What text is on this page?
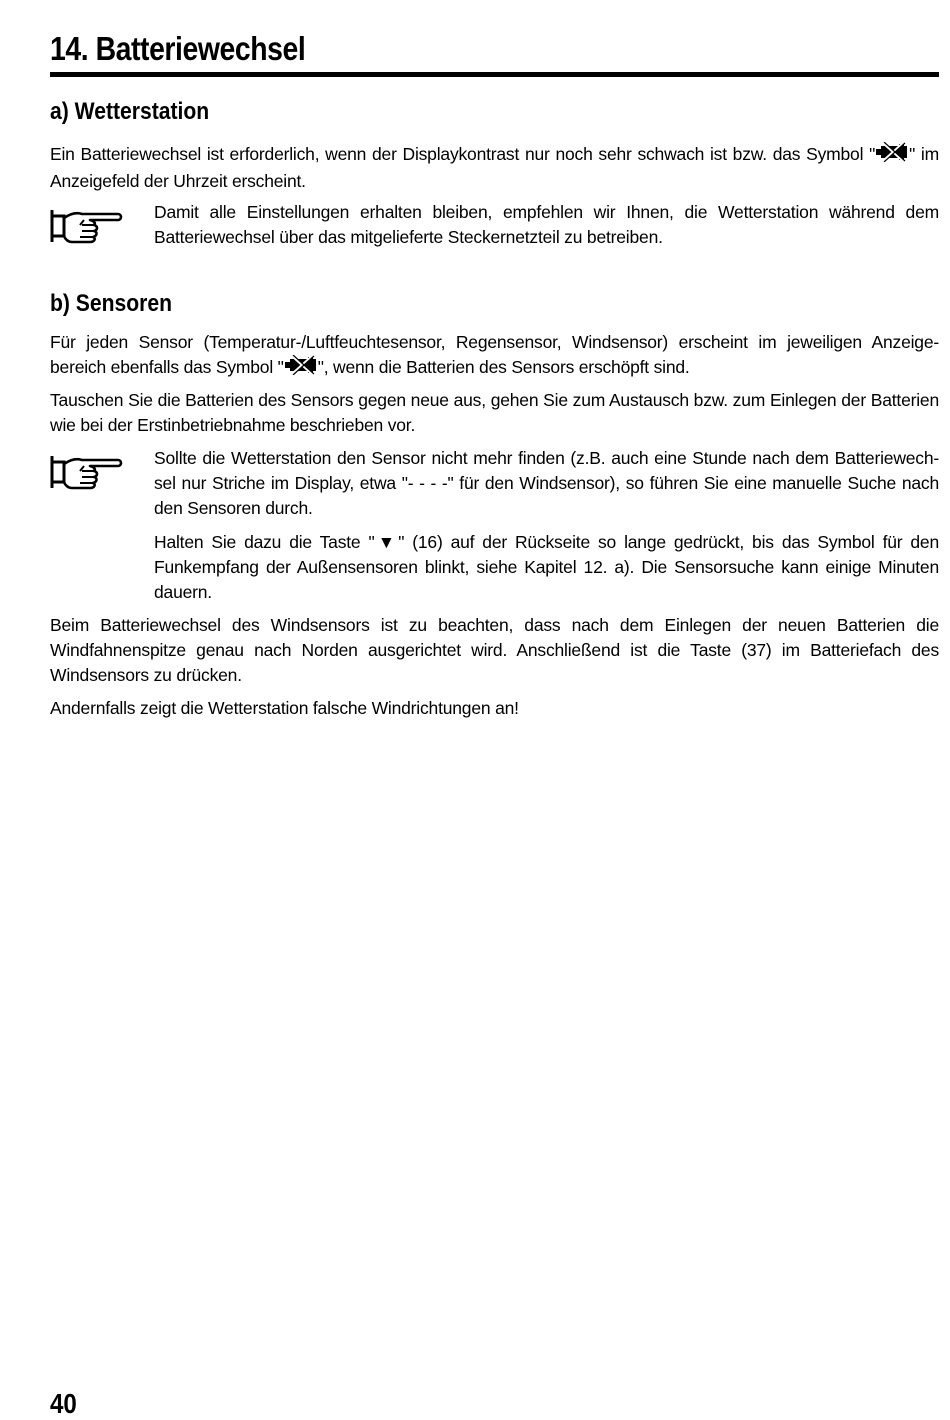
14. Batteriewechsel
a) Wetterstation
Ein Batteriewechsel ist erforderlich, wenn der Displaykontrast nur noch sehr schwach ist bzw. das Symbol " " im Anzeigefeld der Uhrzeit erscheint.
Damit alle Einstellungen erhalten bleiben, empfehlen wir Ihnen, die Wetterstation während dem Batteriewechsel über das mitgelieferte Steckernetzteil zu betreiben.
b) Sensoren
Für jeden Sensor (Temperatur-/Luftfeuchtesensor, Regensensor, Windsensor) erscheint im jeweiligen Anzeige-bereich ebenfalls das Symbol " ", wenn die Batterien des Sensors erschöpft sind.
Tauschen Sie die Batterien des Sensors gegen neue aus, gehen Sie zum Austausch bzw. zum Einlegen der Batterien wie bei der Erstinbetriebnahme beschrieben vor.
Sollte die Wetterstation den Sensor nicht mehr finden (z.B. auch eine Stunde nach dem Batteriewech-sel nur Striche im Display, etwa "- - - -" für den Windsensor), so führen Sie eine manuelle Suche nach den Sensoren durch.
Halten Sie dazu die Taste "▼" (16) auf der Rückseite so lange gedrückt, bis das Symbol für den Funkempfang der Außensensoren blinkt, siehe Kapitel 12. a). Die Sensorsuche kann einige Minuten dauern.
Beim Batteriewechsel des Windsensors ist zu beachten, dass nach dem Einlegen der neuen Batterien die Windfahnenspitze genau nach Norden ausgerichtet wird. Anschließend ist die Taste (37) im Batteriefach des Windsensors zu drücken.
Andernfalls zeigt die Wetterstation falsche Windrichtungen an!
40
